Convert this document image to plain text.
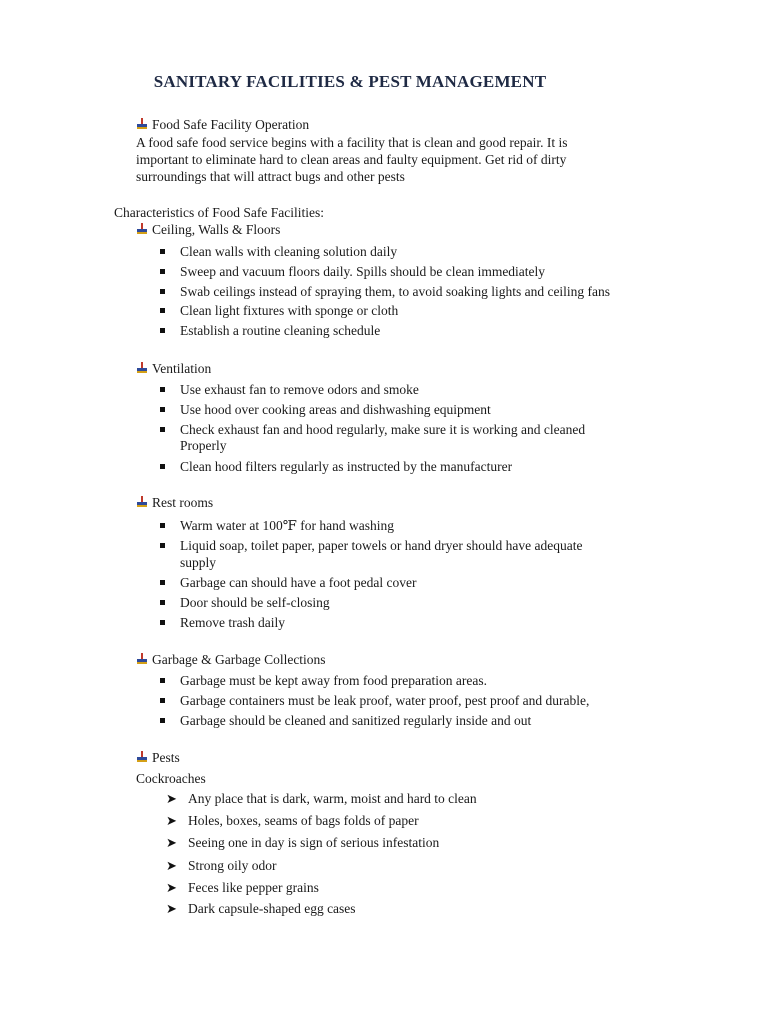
SANITARY FACILITIES & PEST MANAGEMENT
Food Safe Facility Operation
A food safe food service begins with a facility that is clean and good repair. It is
important to eliminate hard to clean areas and faulty equipment. Get rid of dirty
surroundings that will attract bugs and other pests
Characteristics of Food Safe Facilities:
Ceiling, Walls & Floors
Clean walls with cleaning solution daily
Sweep and vacuum floors daily. Spills should be clean immediately
Swab ceilings instead of spraying them, to avoid soaking lights and ceiling fans
Clean light fixtures with sponge or cloth
Establish a routine cleaning schedule
Ventilation
Use exhaust fan to remove odors and smoke
Use hood over cooking areas and dishwashing equipment
Check exhaust fan and hood regularly, make sure it is working and cleaned
Properly
Clean hood filters regularly as instructed by the manufacturer
Rest rooms
Warm water at 100℉ for hand washing
Liquid soap, toilet paper, paper towels or hand dryer should have adequate
supply
Garbage can should have a foot pedal cover
Door should be self-closing
Remove trash daily
Garbage & Garbage Collections
Garbage must be kept away from food preparation areas.
Garbage containers must be leak proof, water proof, pest proof and durable,
Garbage should be cleaned and sanitized regularly inside and out
Pests
Cockroaches
➤ Any place that is dark, warm, moist and hard to clean
➤ Holes, boxes, seams of bags folds of paper
➤ Seeing one in day is sign of serious infestation
➤ Strong oily odor
➤ Feces like pepper grains
➤ Dark capsule-shaped egg cases
